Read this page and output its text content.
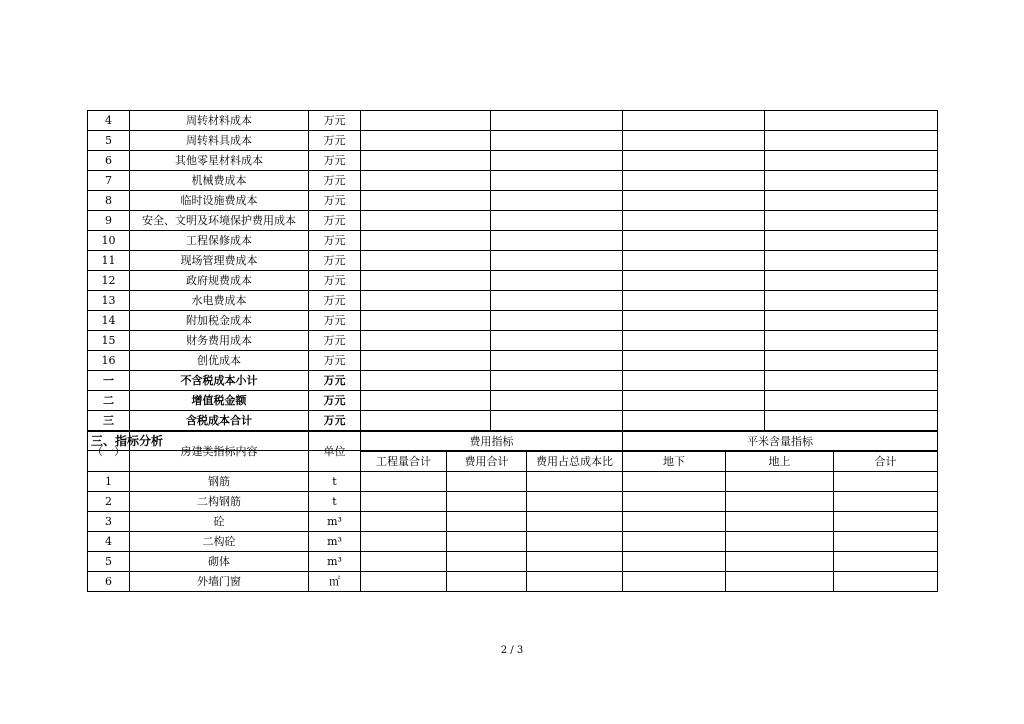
4	周转材料成本	万元				
5	周转料具成本	万元				
6	其他零星材料成本	万元				
7	机械费成本	万元				
8	临时设施费成本	万元				
9	安全、文明及环境保护费用成本	万元				
10	工程保修成本	万元				
11	现场管理费成本	万元				
12	政府规费成本	万元				
13	水电费成本	万元				
14	附加税金成本	万元				
15	财务费用成本	万元				
16	创优成本	万元				
一	不含税成本小计	万元				
二	增值税金额	万元				
三	含税成本合计	万元				
三、指标分析						
（一）	房建类指标内容	单位	费用指标			平米含量指标		
			工程量合计	费用合计	费用占总成本比	地下	地上	合计
1	钢筋	t						
2	二构钢筋	t						
3	砼	m³						
4	二构砼	m³						
5	砌体	m³						
6	外墙门窗	㎡						
2 / 3
